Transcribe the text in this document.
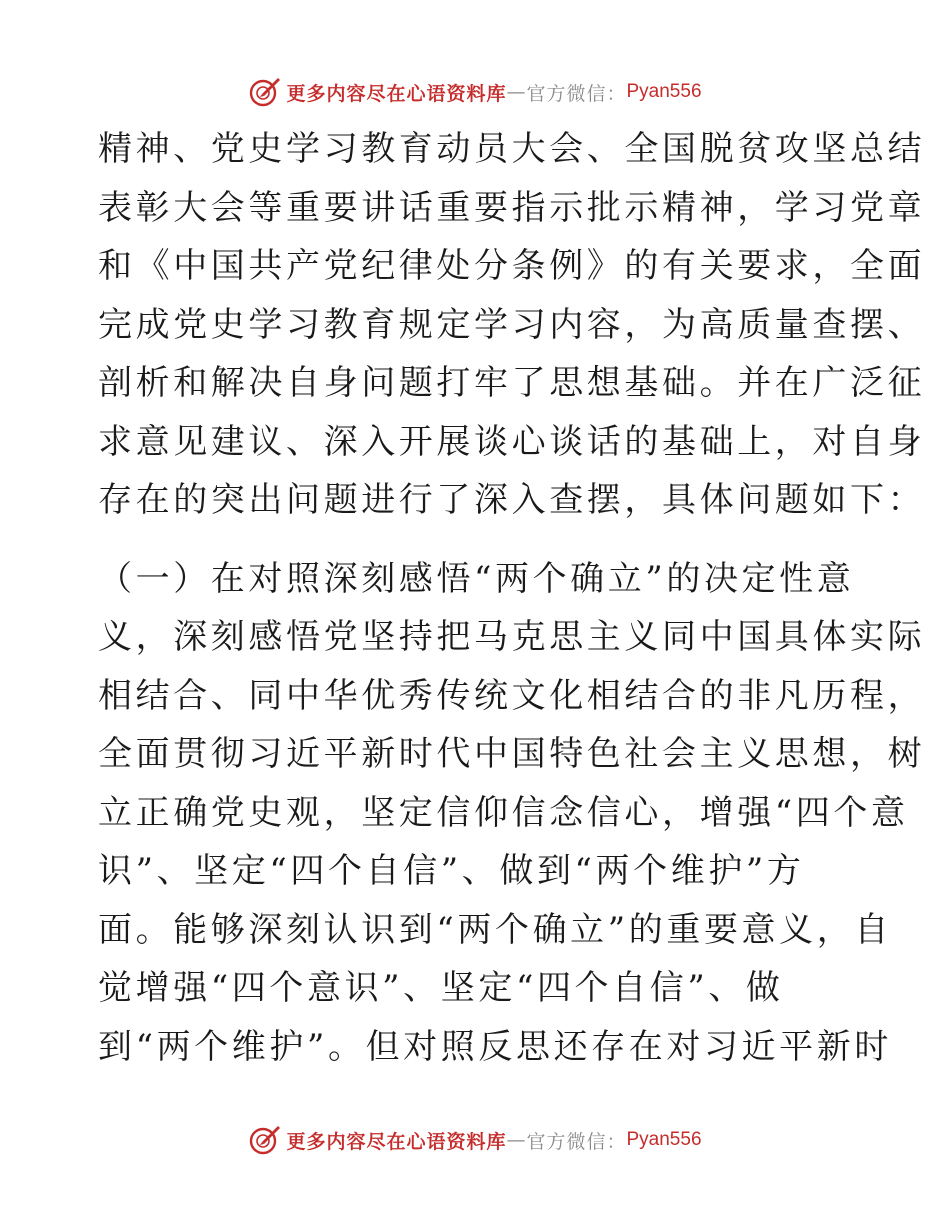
更多内容尽在心语资料库 — 官方微信： Pyan556
精神、党史学习教育动员大会、全国脱贫攻坚总结
表彰大会等重要讲话重要指示批示精神，学习党章
和《中国共产党纪律处分条例》的有关要求，全面
完成党史学习教育规定学习内容，为高质量查摆、
剖析和解决自身问题打牢了思想基础。并在广泛征
求意见建议、深入开展谈心谈话的基础上，对自身
存在的突出问题进行了深入查摆，具体问题如下：
（一）在对照深刻感悟“两个确立”的决定性意
义，深刻感悟党坚持把马克思主义同中国具体实际
相结合、同中华优秀传统文化相结合的非凡历程，
全面贯彻习近平新时代中国特色社会主义思想，树
立正确党史观，坚定信仰信念信心，增强“四个意
识”、坚定“四个自信”、做到“两个维护”方
面。能够深刻认识到“两个确立”的重要意义，自
觉增强“四个意识”、坚定“四个自信”、做
到“两个维护”。但对照反思还存在对习近平新时
更多内容尽在心语资料库 — 官方微信： Pyan556
